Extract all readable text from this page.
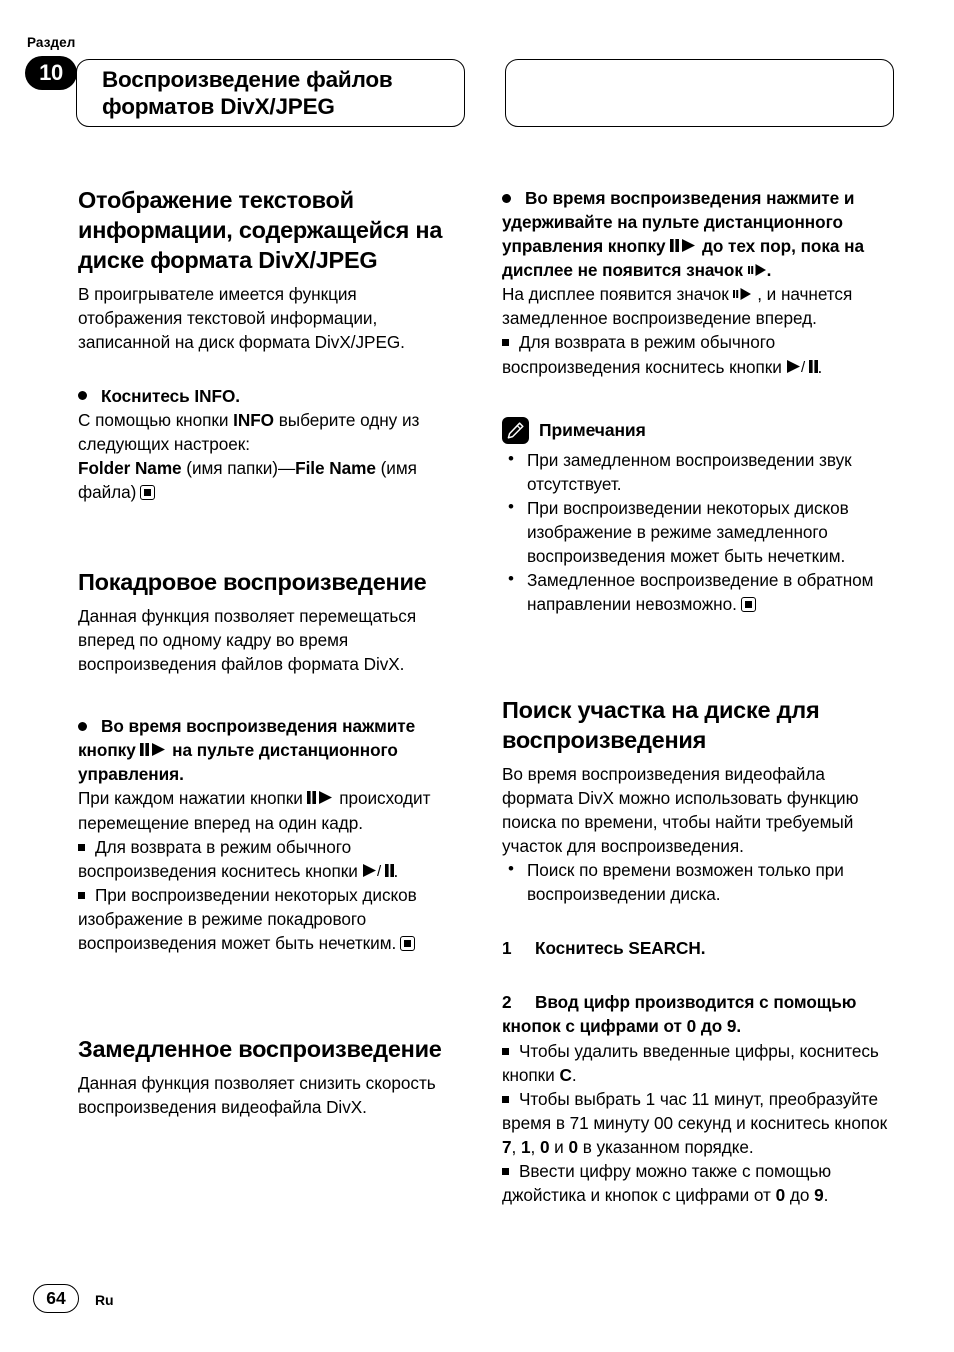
Раздел
10	Воспроизведение файлов форматов DivX/JPEG
Отображение текстовой информации, содержащейся на диске формата DivX/JPEG

В проигрывателе имеется функция отображения текстовой информации, записанной на диск формата DivX/JPEG.

Коснитесь INFO.

С помощью кнопки INFO выберите одну из следующих настроек:

Folder Name (имя папки)—File Name (имя файла)

Покадровое воспроизведение

Данная функция позволяет перемещаться вперед по одному кадру во время воспроизведения файлов формата DivX.

Во время воспроизведения нажмите кнопку
на пульте дистанционного управления.

При каждом нажатии кнопки
происходит перемещение вперед на один кадр.

Для возврата в режим обычного воспроизведения коснитесь кнопки / .

При воспроизведении некоторых дисков изображение в режиме покадрового воспроизведения может быть нечетким.

Замедленное воспроизведение

Данная функция позволяет снизить скорость воспроизведения видеофайла DivX.

Во время воспроизведения нажмите и удерживайте на пульте дистанционного управления кнопку
до тех пор, пока на дисплее не появится значок
.

На дисплее появится значок
, и начнется замедленное воспроизведение вперед.

Для возврата в режим обычного воспроизведения коснитесь кнопки / .

Примечания
• При замедленном воспроизведении звук отсутствует.
• При воспроизведении некоторых дисков изображение в режиме замедленного воспроизведения может быть нечетким.
• Замедленное воспроизведение в обратном направлении невозможно.
Поиск участка на диске для воспроизведения

Во время воспроизведения видеофайла формата DivX можно использовать функцию поиска по времени, чтобы найти требуемый участок для воспроизведения.

• Поиск по времени возможен только при воспроизведении диска.

1 Коснитесь SEARCH.

2 Ввод цифр производится с помощью кнопок с цифрами от 0 до 9.

Чтобы удалить введенные цифры, коснитесь кнопки C.

Чтобы выбрать 1 час 11 минут, преобразуйте время в 71 минуту 00 секунд и коснитесь кнопок 7, 1, 0 и 0 в указанном порядке.

Ввести цифру можно также с помощью джойстика и кнопок с цифрами от 0 до 9.

64	Ru
